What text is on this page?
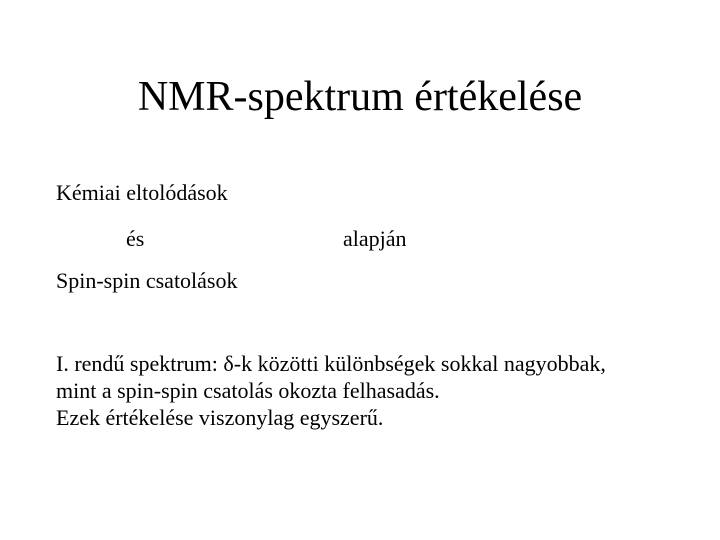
NMR-spektrum értékelése
Kémiai eltolódások
és	alapján
Spin-spin csatolások
I. rendű spektrum: δ-k közötti különbségek sokkal nagyobbak,
mint a spin-spin csatolás okozta felhasadás.
Ezek értékelése viszonylag egyszerű.
